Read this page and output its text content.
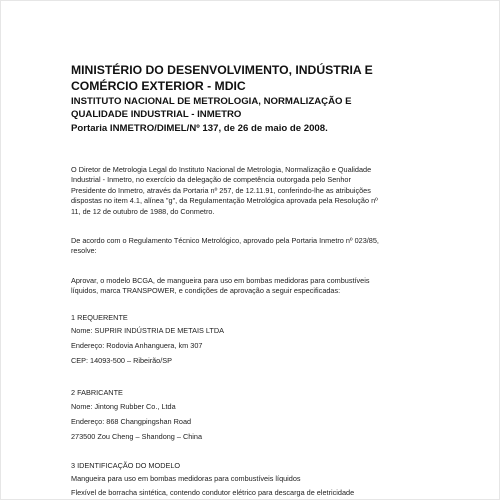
MINISTÉRIO DO DESENVOLVIMENTO, INDÚSTRIA E
COMÉRCIO EXTERIOR - MDIC
INSTITUTO NACIONAL DE METROLOGIA, NORMALIZAÇÃO E
QUALIDADE INDUSTRIAL - INMETRO
Portaria INMETRO/DIMEL/Nº 137, de 26 de maio de 2008.
O Diretor de Metrologia Legal do Instituto Nacional de Metrologia, Normalização e Qualidade
Industrial - Inmetro, no exercício da delegação de competência outorgada pelo Senhor
Presidente do Inmetro, através da Portaria nº 257, de 12.11.91, conferindo-lhe as atribuições
dispostas no item 4.1, alínea "g", da Regulamentação Metrológica aprovada pela Resolução nº
11, de 12 de outubro de 1988, do Conmetro.
De acordo com o Regulamento Técnico Metrológico, aprovado pela Portaria Inmetro nº 023/85,
resolve:
Aprovar, o modelo BCGA, de mangueira para uso em bombas medidoras para combustíveis
líquidos, marca TRANSPOWER, e condições de aprovação a seguir especificadas:
1 REQUERENTE
Nome: SUPRIR INDÚSTRIA DE METAIS LTDA
Endereço: Rodovia Anhanguera, km 307
CEP: 14093-500 – Ribeirão/SP
2 FABRICANTE
Nome: Jintong Rubber Co., Ltda
Endereço: 868 Changpingshan Road
273500 Zou Cheng – Shandong – China
3 IDENTIFICAÇÃO DO MODELO
Mangueira para uso em bombas medidoras para combustíveis líquidos
Flexível de borracha sintética, contendo condutor elétrico para descarga de eletricidade
